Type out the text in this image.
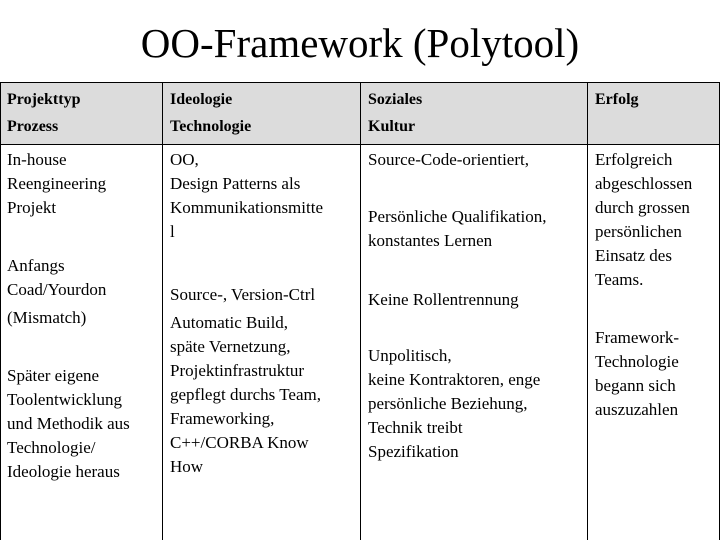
OO-Framework (Polytool)
Projekttyp
Prozess
Ideologie
Technologie
Soziales
Kultur
Erfolg
In-house
Reengineering
Projekt
Anfangs
Coad/Yourdon
(Mismatch)
Später eigene
Toolentwicklung
und Methodik aus
Technologie/
Ideologie heraus
OO,
Design Patterns als
Kommunikationsmitte
l
Source-, Version-Ctrl
Automatic Build,
späte Vernetzung,
Projektinfrastruktur
gepflegt durchs Team,
Frameworking,
C++/CORBA Know
How
Source-Code-orientiert,
Persönliche Qualifikation,
konstantes Lernen
Keine Rollentrennung
Unpolitisch,
keine Kontraktoren, enge
persönliche Beziehung,
Technik treibt
Spezifikation
Erfolgreich
abgeschlossen
durch grossen
persönlichen
Einsatz des
Teams.
Framework-
Technologie
begann sich
auszuzahlen
